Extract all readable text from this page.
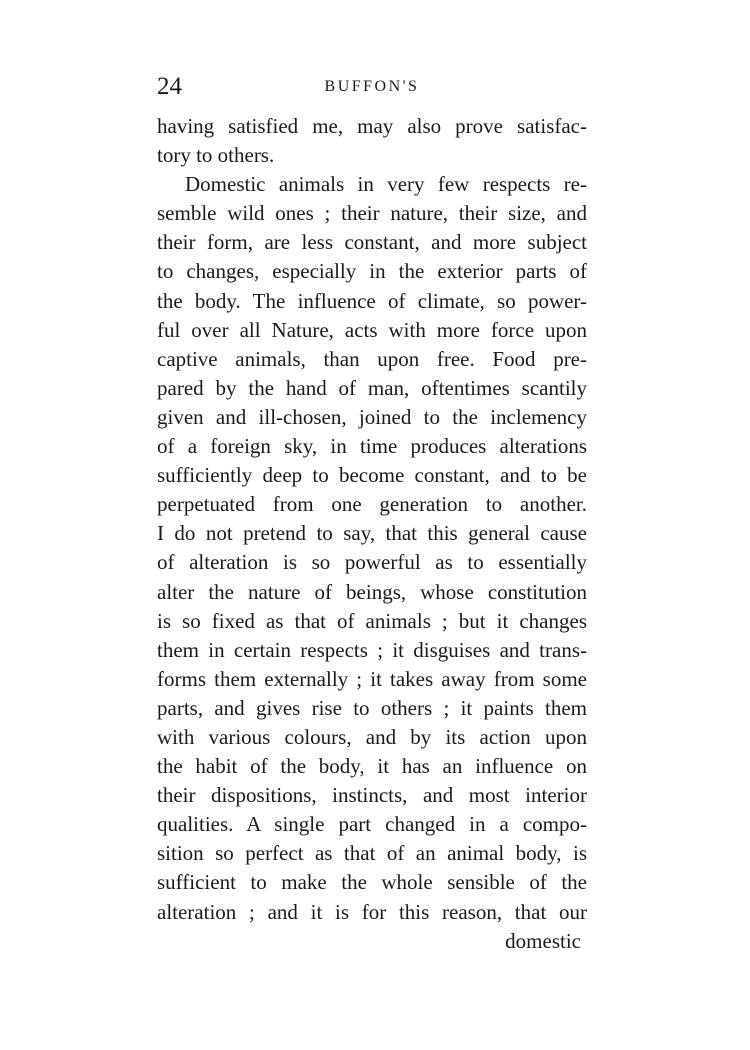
24	BUFFON'S
having satisfied me, may also prove satisfac-
tory to others.
Domestic animals in very few respects re-
semble wild ones ; their nature, their size, and
their form, are less constant, and more subject
to changes, especially in the exterior parts of
the body. The influence of climate, so power-
ful over all Nature, acts with more force upon
captive animals, than upon free. Food pre-
pared by the hand of man, oftentimes scantily
given and ill-chosen, joined to the inclemency
of a foreign sky, in time produces alterations
sufficiently deep to become constant, and to be
perpetuated from one generation to another.
I do not pretend to say, that this general cause
of alteration is so powerful as to essentially
alter the nature of beings, whose constitution
is so fixed as that of animals ; but it changes
them in certain respects ; it disguises and trans-
forms them externally ; it takes away from some
parts, and gives rise to others ; it paints them
with various colours, and by its action upon
the habit of the body, it has an influence on
their dispositions, instincts, and most interior
qualities. A single part changed in a compo-
sition so perfect as that of an animal body, is
sufficient to make the whole sensible of the
alteration ; and it is for this reason, that our
domestic
